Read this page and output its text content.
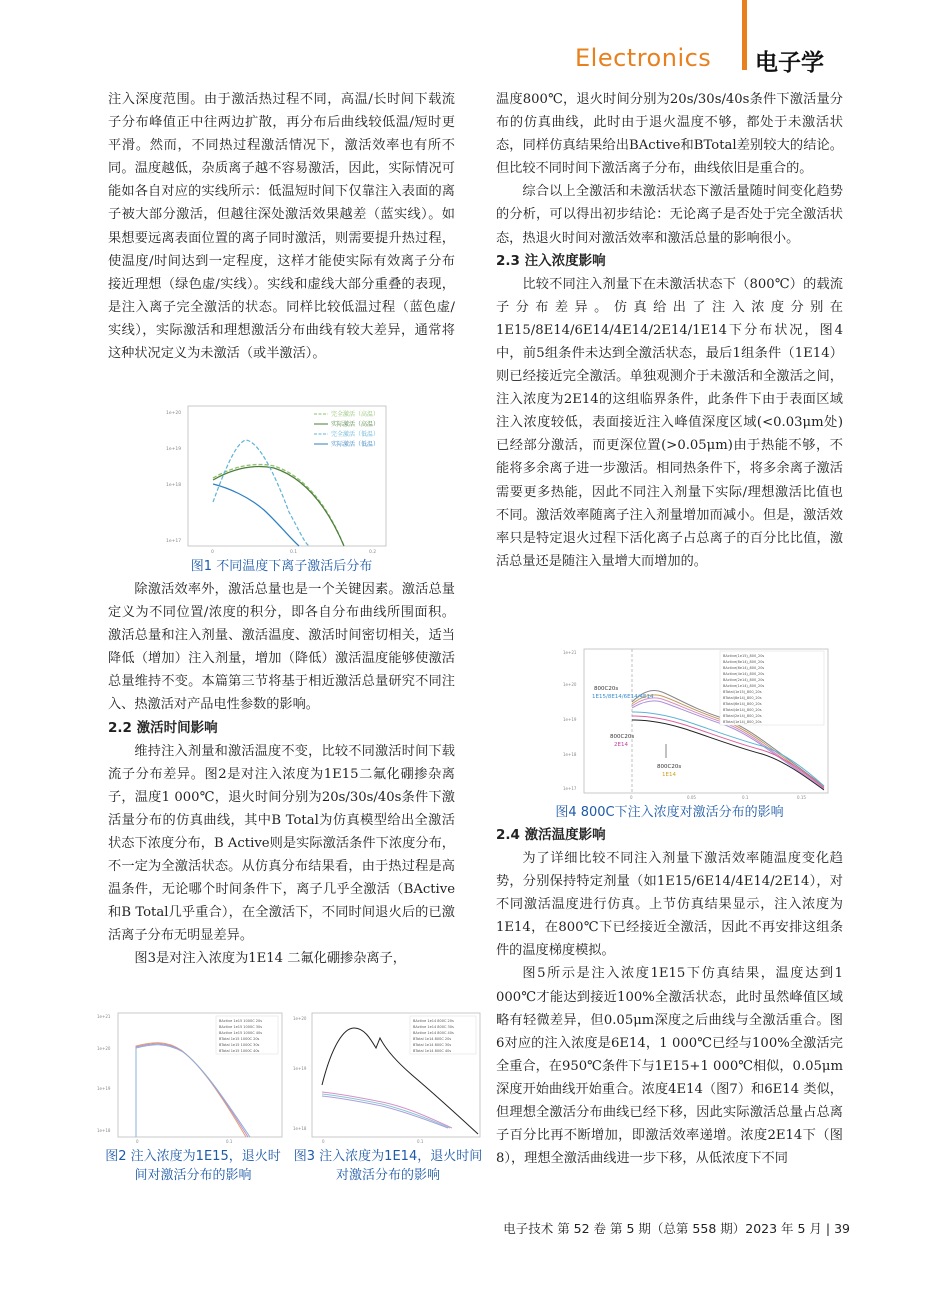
Electronics 电子学

注入深度范围。由于激活热过程不同，高温/长时间下载流子分布峰值正中往两边扩散，再分布后曲线较低温/短时更平滑。然而，不同热过程激活情况下，激活效率也有所不同。温度越低，杂质离子越不容易激活，因此，实际情况可能如各自对应的实线所示：低温短时间下仅靠注入表面的离子被大部分激活，但越往深处激活效果越差（蓝实线）。如果想要远离表面位置的离子同时激活，则需要提升热过程，使温度/时间达到一定程度，这样才能使实际有效离子分布接近理想（绿色虚/实线）。实线和虚线大部分重叠的表现，是注入离子完全激活的状态。同样比较低温过程（蓝色虚/实线），实际激活和理想激活分布曲线有较大差异，通常将这种状况定义为未激活（或半激活）。

1e+20
1e+19
1e+18
1e+17
0	0.1	0.2
完全激活（高温）
实际激活（高温）
完全激活（低温）
实际激活（低温）
图1 不同温度下离子激活后分布

除激活效率外，激活总量也是一个关键因素。激活总量定义为不同位置/浓度的积分，即各自分布曲线所围面积。激活总量和注入剂量、激活温度、激活时间密切相关，适当降低（增加）注入剂量，增加（降低）激活温度能够使激活总量维持不变。本篇第三节将基于相近激活总量研究不同注入、热激活对产品电性参数的影响。

2.2 激活时间影响

维持注入剂量和激活温度不变，比较不同激活时间下载流子分布差异。图2是对注入浓度为1E15二氟化硼掺杂离子，温度1 000℃，退火时间分别为20s/30s/40s条件下激活量分布的仿真曲线，其中B Total为仿真模型给出全激活状态下浓度分布，B Active则是实际激活条件下浓度分布，不一定为全激活状态。从仿真分布结果看，由于热过程是高温条件，无论哪个时间条件下，离子几乎全激活（BActive和B Total几乎重合），在全激活下，不同时间退火后的已激活离子分布无明显差异。

图3是对注入浓度为1E14 二氟化硼掺杂离子，

1e+21
1e+20
1e+19
1e+18
0	0.1
BActive 1e15 1000C 20s
BActive 1e15 1000C 30s
BActive 1e15 1000C 40s
BTotal 1e15 1000C 20s
BTotal 1e15 1000C 30s
BTotal 1e15 1000C 40s
图2 注入浓度为1E15，退火时间对激活分布的影响
1e+20
1e+19
1e+18
0	0.1
BActive 1e14 800C 20s
BActive 1e14 800C 30s
BActive 1e14 800C 40s
BTotal 1e14 800C 20s
BTotal 1e14 800C 30s
BTotal 1e14 800C 40s
图3 注入浓度为1E14，退火时间对激活分布的影响

温度800℃，退火时间分别为20s/30s/40s条件下激活量分布的仿真曲线，此时由于退火温度不够，都处于未激活状态，同样仿真结果给出BActive和BTotal差别较大的结论。但比较不同时间下激活离子分布，曲线依旧是重合的。

综合以上全激活和未激活状态下激活量随时间变化趋势的分析，可以得出初步结论：无论离子是否处于完全激活状态，热退火时间对激活效率和激活总量的影响很小。

2.3 注入浓度影响

比较不同注入剂量下在未激活状态下（800℃）的载流子分布差异。仿真给出了注入浓度分别在1E15/8E14/6E14/4E14/2E14/1E14下分布状况，图4中，前5组条件未达到全激活状态，最后1组条件（1E14）则已经接近完全激活。单独观测介于未激活和全激活之间，注入浓度为2E14的这组临界条件，此条件下由于表面区域注入浓度较低，表面接近注入峰值深度区域(<0.03μm处)已经部分激活，而更深位置(>0.05μm)由于热能不够，不能将多余离子进一步激活。相同热条件下，将多余离子激活需要更多热能，因此不同注入剂量下实际/理想激活比值也不同。激活效率随离子注入剂量增加而减小。但是，激活效率只是特定退火过程下活化离子占总离子的百分比比值，激活总量还是随注入量增大而增加的。

1e+21
1e+20
1e+19
1e+18
1e+17
0	0.05	0.1	0.15
800C20s
1E15/8E14/6E14/4E14
800C20s
2E14
800C20s
1E14
BActive(1e15)_800_20s
BActive(8e14)_800_20s
BActive(6e14)_800_20s
BActive(4e14)_800_20s
BActive(2e14)_800_20s
BActive(1e14)_800_20s
BTotal(1e15)_800_20s
BTotal(8e14)_800_20s
BTotal(6e14)_800_20s
BTotal(4e14)_800_20s
BTotal(2e14)_800_20s
BTotal(1e14)_800_20s
图4 800C下注入浓度对激活分布的影响

2.4 激活温度影响

为了详细比较不同注入剂量下激活效率随温度变化趋势，分别保持特定剂量（如1E15/6E14/4E14/2E14），对不同激活温度进行仿真。上节仿真结果显示，注入浓度为1E14，在800℃下已经接近全激活，因此不再安排这组条件的温度梯度模拟。

图5所示是注入浓度1E15下仿真结果，温度达到1 000℃才能达到接近100%全激活状态，此时虽然峰值区域略有轻微差异，但0.05μm深度之后曲线与全激活重合。图6对应的注入浓度是6E14，1 000℃已经与100%全激活完全重合，在950℃条件下与1E15+1 000℃相似，0.05μm 深度开始曲线开始重合。浓度4E14（图7）和6E14 类似，但理想全激活分布曲线已经下移，因此实际激活总量占总离子百分比再不断增加，即激活效率递增。浓度2E14下（图8），理想全激活曲线进一步下移，从低浓度下不同

电子技术 第 52 卷 第 5 期（总第 558 期）2023 年 5 月 | 39
